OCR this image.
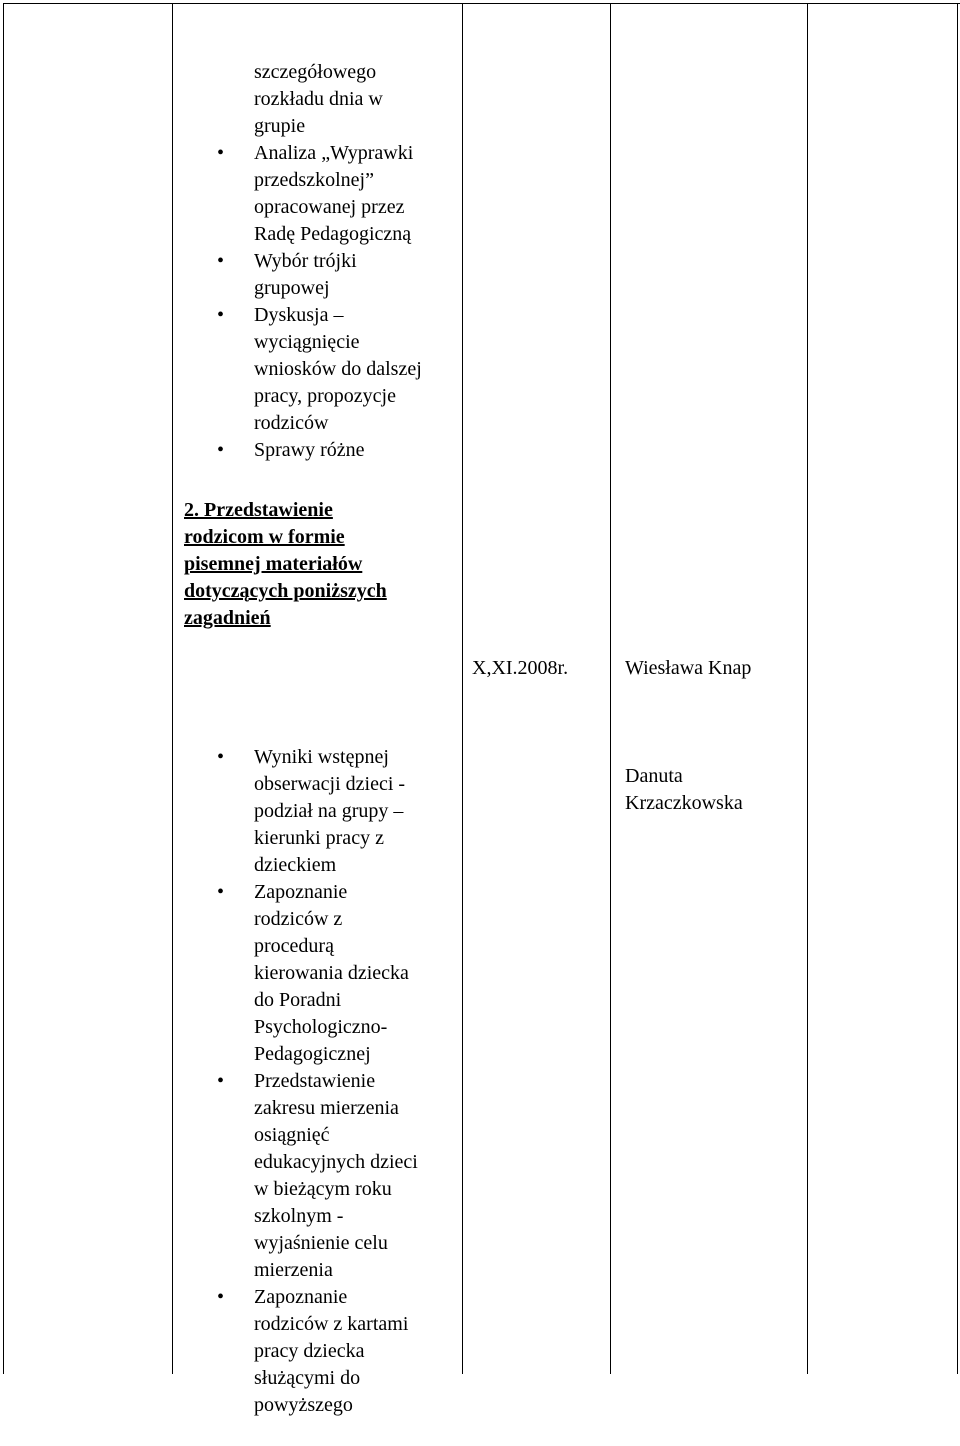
szczegółowego
rozkładu dnia w
grupie
• Analiza „Wyprawki
przedszkolnej”
opracowanej przez
Radę Pedagogiczną
• Wybór trójki
grupowej
• Dyskusja –
wyciągnięcie
wniosków do dalszej
pracy, propozycje
rodziców
• Sprawy różne

2. Przedstawienie
rodzicom w formie
pisemnej materiałów
dotyczących poniższych
zagadnień

• Wyniki wstępnej
obserwacji dzieci -
podział na grupy –
kierunki pracy z
dzieckiem
• Zapoznanie
rodziców z
procedurą
kierowania dziecka
do Poradni
Psychologiczno-
Pedagogicznej
• Przedstawienie
zakresu mierzenia
osiągnięć
edukacyjnych dzieci
w bieżącym roku
szkolnym -
wyjaśnienie celu
mierzenia
• Zapoznanie
rodziców z kartami
pracy dziecka
służącymi do
powyższego

X,XI.2008r.	Wiesława Knap
Danuta
Krzaczkowska
